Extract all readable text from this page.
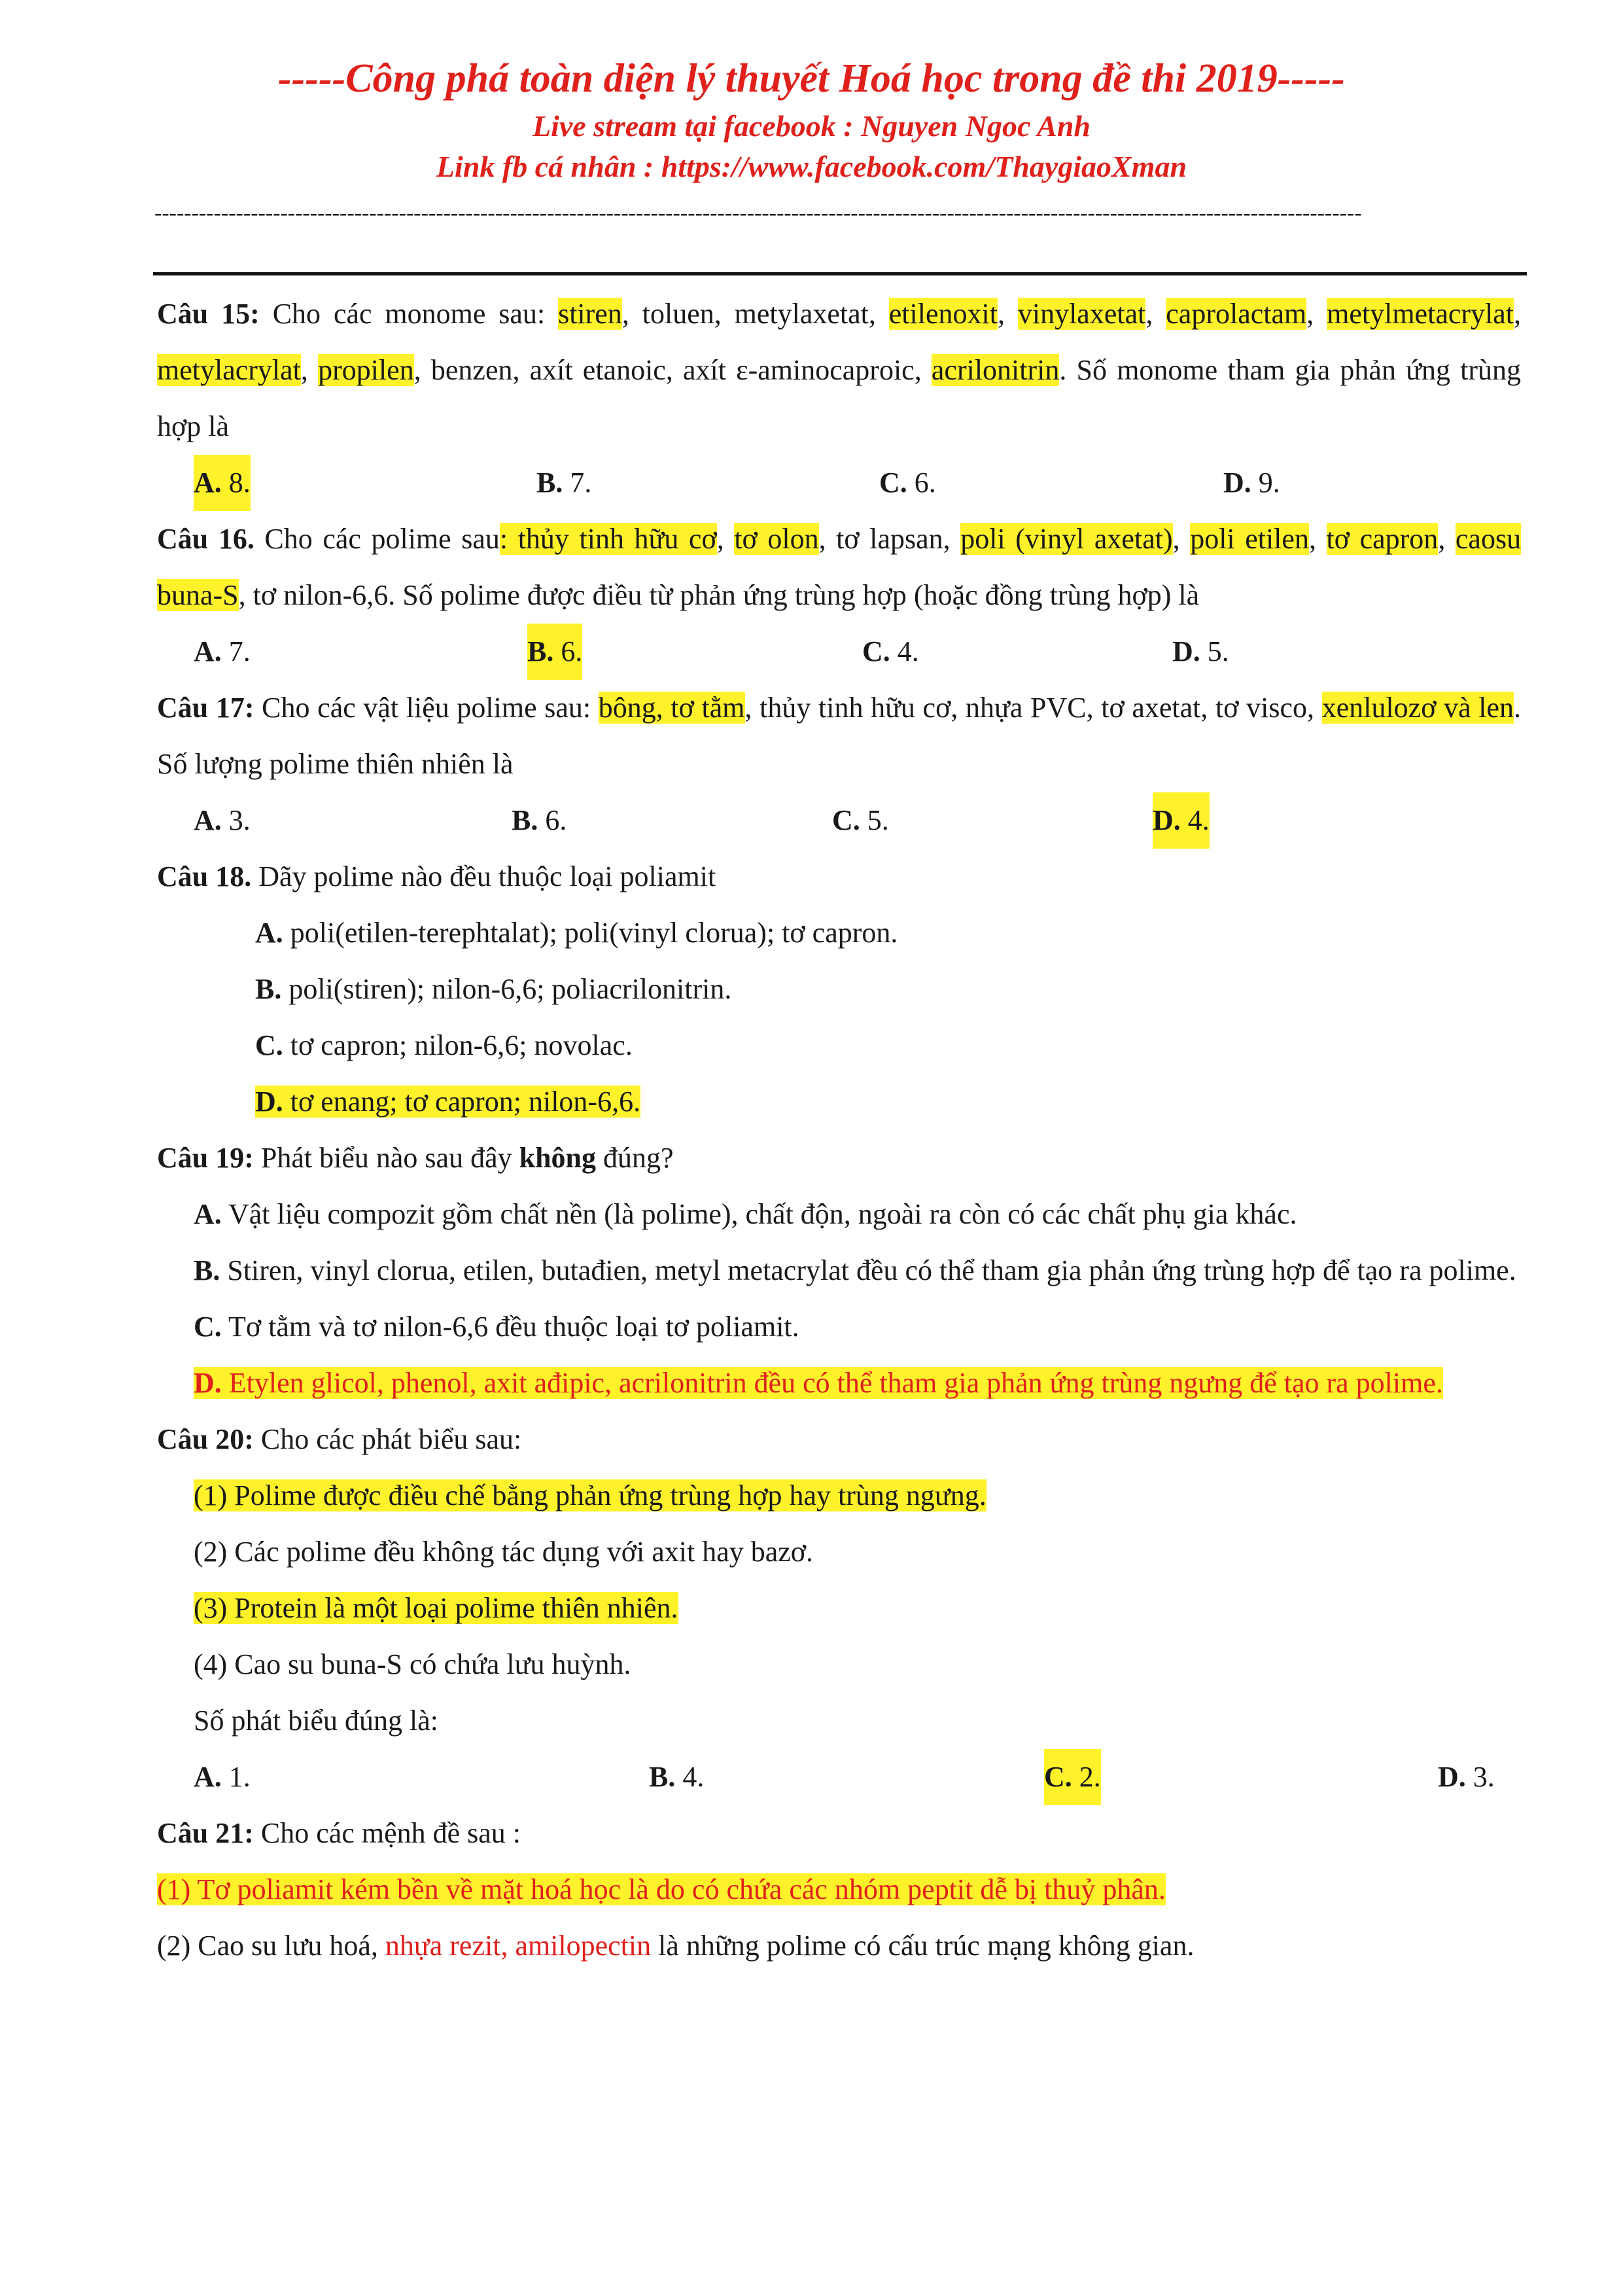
-----Công phá toàn diện lý thuyết Hoá học trong đề thi 2019-----
Live stream tại facebook : Nguyen Ngoc Anh
Link fb cá nhân : https://www.facebook.com/ThaygiaoXman
-------------------------------------------------------------------------------------------------------------------------------------------------------------------

Câu 15: Cho các monome sau: stiren, toluen, metylaxetat, etilenoxit, vinylaxetat, caprolactam, metylmetacrylat, metylacrylat, propilen, benzen, axít etanoic, axít ε-aminocaproic, acrilonitrin. Số monome tham gia phản ứng trùng hợp là

A. 8.	B. 7.	C. 6.	D. 9.

Câu 16. Cho các polime sau: thủy tinh hữu cơ, tơ olon, tơ lapsan, poli (vinyl axetat), poli etilen, tơ capron, caosu buna-S, tơ nilon-6,6. Số polime được điều từ phản ứng trùng hợp (hoặc đồng trùng hợp) là

A. 7.	B. 6.	C. 4.	D. 5.

Câu 17: Cho các vật liệu polime sau: bông, tơ tằm, thủy tinh hữu cơ, nhựa PVC, tơ axetat, tơ visco, xenlulozơ và len. Số lượng polime thiên nhiên là

A. 3.	B. 6.	C. 5.	D. 4.

Câu 18. Dãy polime nào đều thuộc loại poliamit

A. poli(etilen-terephtalat); poli(vinyl clorua); tơ capron.

B. poli(stiren); nilon-6,6; poliacrilonitrin.

C. tơ capron; nilon-6,6; novolac.

D. tơ enang; tơ capron; nilon-6,6.

Câu 19: Phát biểu nào sau đây không đúng?

A. Vật liệu compozit gồm chất nền (là polime), chất độn, ngoài ra còn có các chất phụ gia khác.

B. Stiren, vinyl clorua, etilen, butađien, metyl metacrylat đều có thể tham gia phản ứng trùng hợp để tạo ra polime.

C. Tơ tằm và tơ nilon-6,6 đều thuộc loại tơ poliamit.

D. Etylen glicol, phenol, axit ađipic, acrilonitrin đều có thể tham gia phản ứng trùng ngưng để tạo ra polime.

Câu 20: Cho các phát biểu sau:

(1) Polime được điều chế bằng phản ứng trùng hợp hay trùng ngưng.

(2) Các polime đều không tác dụng với axit hay bazơ.

(3) Protein là một loại polime thiên nhiên.

(4) Cao su buna-S có chứa lưu huỳnh.

Số phát biểu đúng là:

A. 1.	B. 4.	C. 2.	D. 3.

Câu 21: Cho các mệnh đề sau :

(1) Tơ poliamit kém bền về mặt hoá học là do có chứa các nhóm peptit dễ bị thuỷ phân.

(2) Cao su lưu hoá, nhựa rezit, amilopectin là những polime có cấu trúc mạng không gian.
